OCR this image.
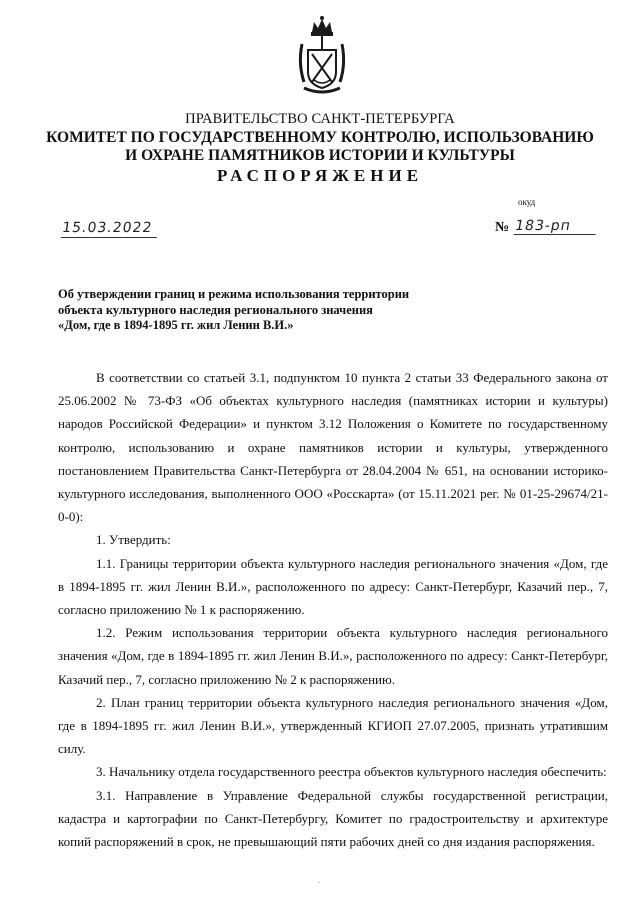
ПРАВИТЕЛЬСТВО САНКТ-ПЕТЕРБУРГА
КОМИТЕТ ПО ГОСУДАРСТВЕННОМУ КОНТРОЛЮ, ИСПОЛЬЗОВАНИЮ
И ОХРАНЕ ПАМЯТНИКОВ ИСТОРИИ И КУЛЬТУРЫ
РАСПОРЯЖЕНИЕ
окуд
15.03.2022	№ 183-рп
Об утверждении границ и режима использования территории
объекта культурного наследия регионального значения
«Дом, где в 1894-1895 гг. жил Ленин В.И.»

В соответствии со статьей 3.1, подпунктом 10 пункта 2 статьи 33 Федерального закона от 25.06.2002 № 73-ФЗ «Об объектах культурного наследия (памятниках истории и культуры) народов Российской Федерации» и пунктом 3.12 Положения о Комитете по государственному контролю, использованию и охране памятников истории и культуры, утвержденного постановлением Правительства Санкт-Петербурга от 28.04.2004 № 651, на основании историко-культурного исследования, выполненного ООО «Росскарта» (от 15.11.2021 рег. № 01-25-29674/21-0-0):

1. Утвердить:

1.1. Границы территории объекта культурного наследия регионального значения «Дом, где в 1894-1895 гг. жил Ленин В.И.», расположенного по адресу: Санкт-Петербург, Казачий пер., 7, согласно приложению № 1 к распоряжению.

1.2. Режим использования территории объекта культурного наследия регионального значения «Дом, где в 1894-1895 гг. жил Ленин В.И.», расположенного по адресу: Санкт-Петербург, Казачий пер., 7, согласно приложению № 2 к распоряжению.

2. План границ территории объекта культурного наследия регионального значения «Дом, где в 1894-1895 гг. жил Ленин В.И.», утвержденный КГИОП 27.07.2005, признать утратившим силу.

3. Начальнику отдела государственного реестра объектов культурного наследия обеспечить:

3.1. Направление в Управление Федеральной службы государственной регистрации, кадастра и картографии по Санкт-Петербургу, Комитет по градостроительству и архитектуре копий распоряжений в срок, не превышающий пяти рабочих дней со дня издания распоряжения.

.
